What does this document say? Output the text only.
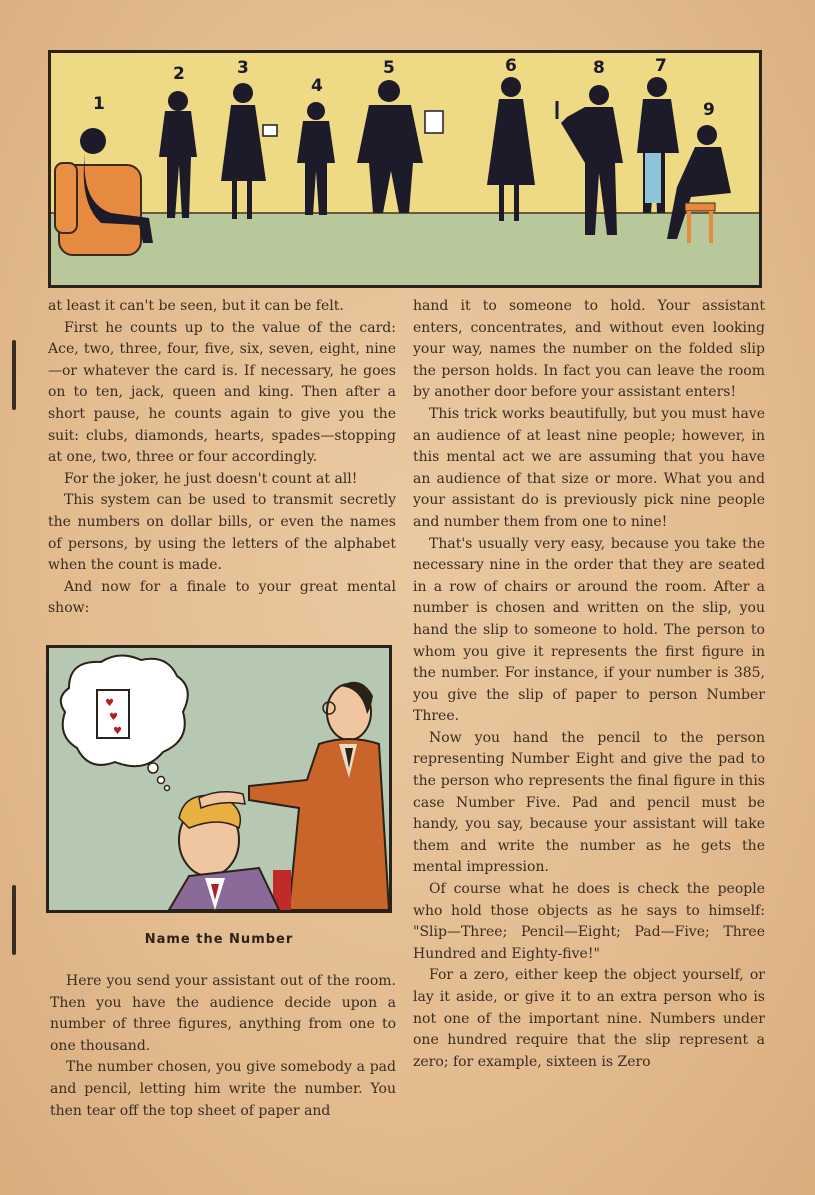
1
2	3
4
5	6	8	7
9

at least it can't be seen, but it can be felt.

First he counts up to the value of the card: Ace, two, three, four, five, six, seven, eight, nine—or whatever the card is. If necessary, he goes on to ten, jack, queen and king. Then after a short pause, he counts again to give you the suit: clubs, diamonds, hearts, spades—stopping at one, two, three or four accordingly.

For the joker, he just doesn't count at all!

This system can be used to transmit secretly the numbers on dollar bills, or even the names of persons, by using the letters of the alphabet when the count is made.

And now for a finale to your great mental show:

♥
♥
♥
Name the Number

Here you send your assistant out of the room. Then you have the audience decide upon a number of three figures, anything from one to one thousand.

The number chosen, you give somebody a pad and pencil, letting him write the number. You then tear off the top sheet of paper and

hand it to someone to hold. Your assistant enters, concentrates, and without even looking your way, names the number on the folded slip the person holds. In fact you can leave the room by another door before your assistant enters!

This trick works beautifully, but you must have an audience of at least nine people; however, in this mental act we are assuming that you have an audience of that size or more. What you and your assistant do is previously pick nine people and number them from one to nine!

That's usually very easy, because you take the necessary nine in the order that they are seated in a row of chairs or around the room. After a number is chosen and written on the slip, you hand the slip to someone to hold. The person to whom you give it represents the first figure in the number. For instance, if your number is 385, you give the slip of paper to person Number Three.

Now you hand the pencil to the person representing Number Eight and give the pad to the person who represents the final figure in this case Number Five. Pad and pencil must be handy, you say, because your assistant will take them and write the number as he gets the mental impression.

Of course what he does is check the people who hold those objects as he says to himself: "Slip—Three; Pencil—Eight; Pad—Five; Three Hundred and Eighty-five!"

For a zero, either keep the object yourself, or lay it aside, or give it to an extra person who is not one of the important nine. Numbers under one hundred require that the slip represent a zero; for example, sixteen is Zero
